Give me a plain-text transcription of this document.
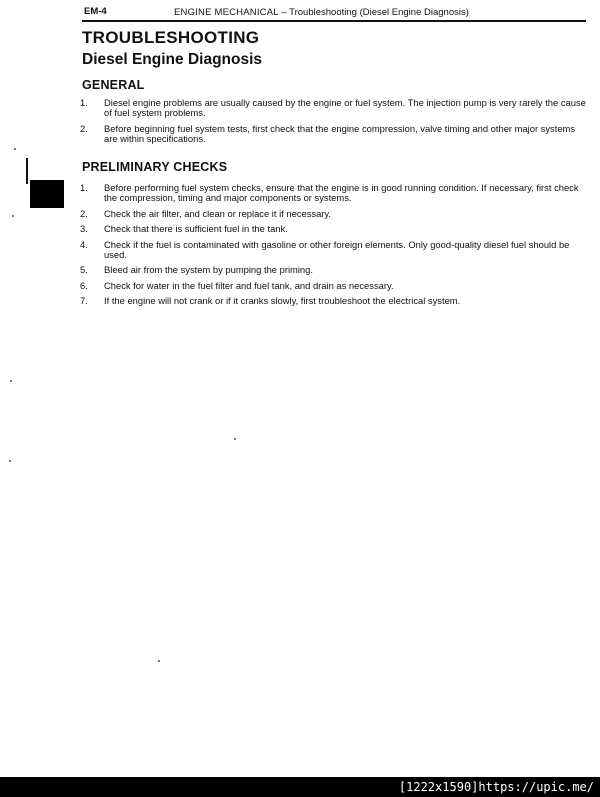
EM-4	ENGINE MECHANICAL – Troubleshooting (Diesel Engine Diagnosis)
TROUBLESHOOTING
Diesel Engine Diagnosis
GENERAL
1. Diesel engine problems are usually caused by the engine or fuel system. The injection pump is very rarely the cause of fuel system problems.
2. Before beginning fuel system tests, first check that the engine compression, valve timing and other major systems are within specifications.
PRELIMINARY CHECKS
1. Before performing fuel system checks, ensure that the engine is in good running condition. If necessary, first check the compression, timing and major components or systems.
2. Check the air filter, and clean or replace it if necessary.
3. Check that there is sufficient fuel in the tank.
4. Check if the fuel is contaminated with gasoline or other foreign elements. Only good-quality diesel fuel should be used.
5. Bleed air from the system by pumping the priming.
6. Check for water in the fuel filter and fuel tank, and drain as necessary.
7. If the engine will not crank or if it cranks slowly, first troubleshoot the electrical system.
[1222x1590]https://upic.me/
